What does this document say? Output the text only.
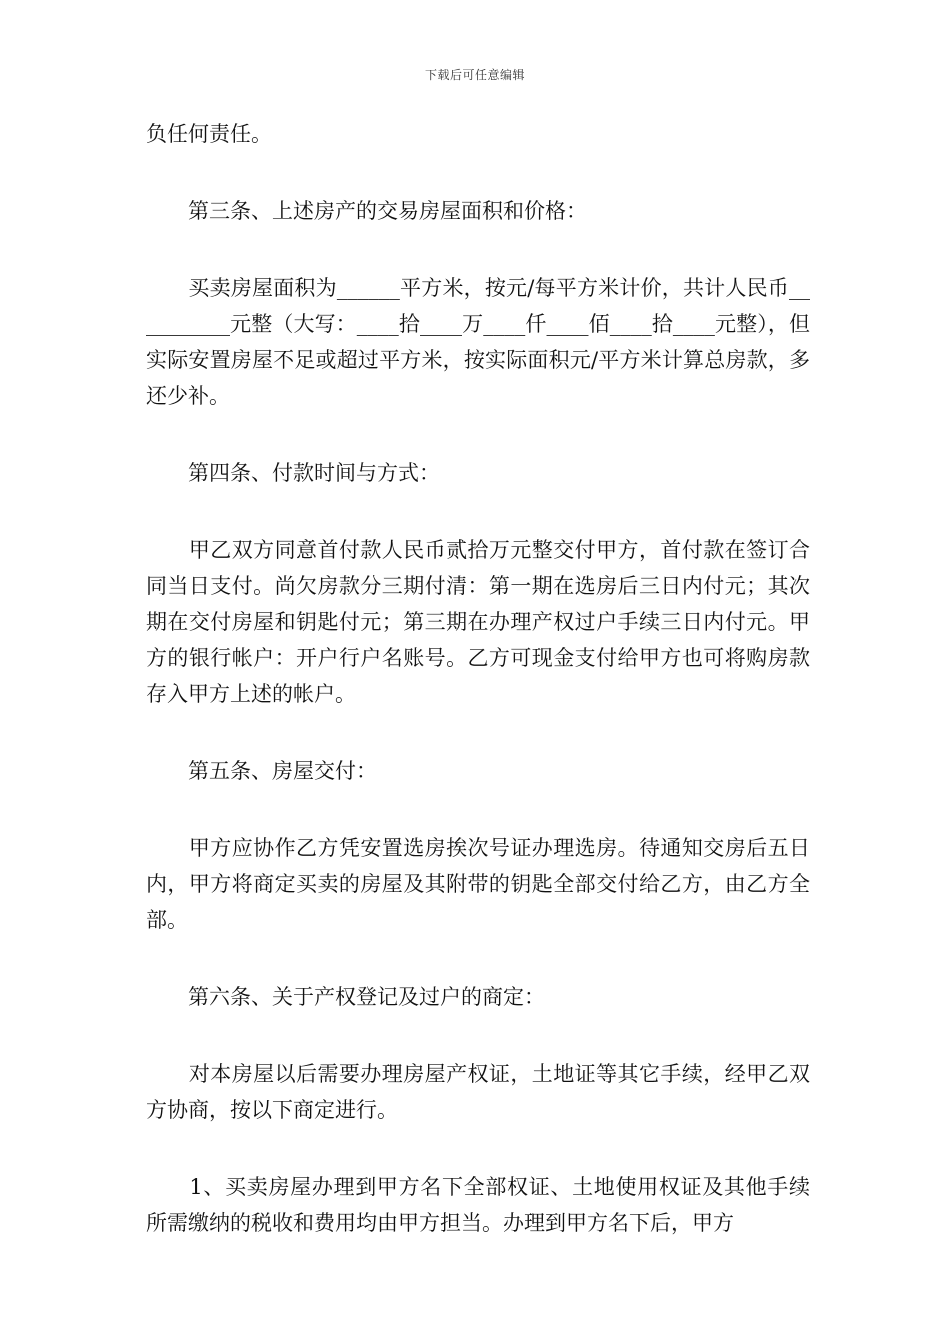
下载后可任意编辑

负任何责任。

　　第三条、上述房产的交易房屋面积和价格：

　　买卖房屋面积为______平方米，按元/每平方米计价，共计人民币__________元整（大写：____拾____万____仟____佰____拾____元整），但实际安置房屋不足或超过平方米，按实际面积元/平方米计算总房款，多还少补。

　　第四条、付款时间与方式：

　　甲乙双方同意首付款人民币贰拾万元整交付甲方，首付款在签订合同当日支付。尚欠房款分三期付清：第一期在选房后三日内付元；其次期在交付房屋和钥匙付元；第三期在办理产权过户手续三日内付元。甲方的银行帐户：开户行户名账号。乙方可现金支付给甲方也可将购房款存入甲方上述的帐户。

　　第五条、房屋交付：

　　甲方应协作乙方凭安置选房挨次号证办理选房。待通知交房后五日内，甲方将商定买卖的房屋及其附带的钥匙全部交付给乙方，由乙方全部。

　　第六条、关于产权登记及过户的商定：

　　对本房屋以后需要办理房屋产权证，土地证等其它手续，经甲乙双方协商，按以下商定进行。

　　1、买卖房屋办理到甲方名下全部权证、土地使用权证及其他手续所需缴纳的税收和费用均由甲方担当。办理到甲方名下后，甲方
